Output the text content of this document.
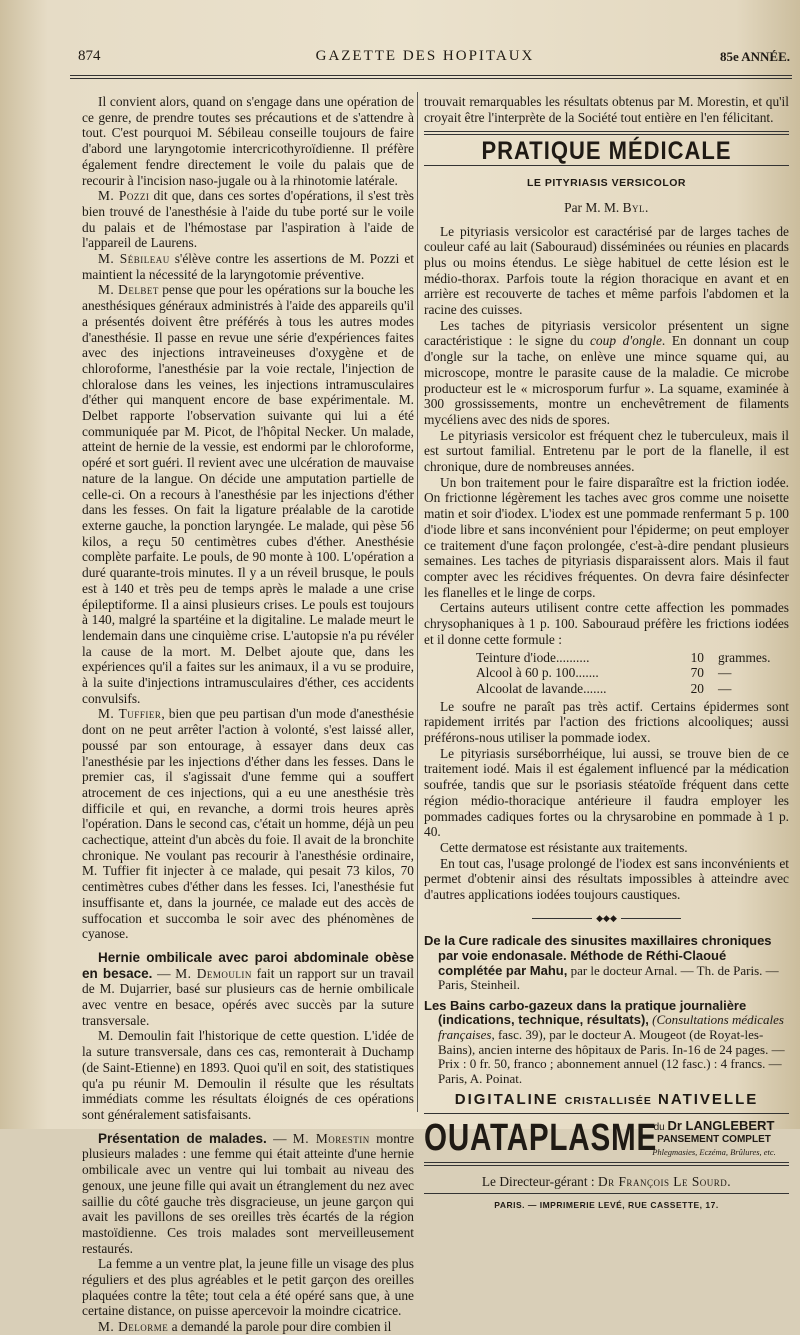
874	GAZETTE DES HOPITAUX	85e ANNÉE.

Il convient alors, quand on s'engage dans une opération de ce genre, de prendre toutes ses précautions et de s'attendre à tout. C'est pourquoi M. Sébileau conseille toujours de faire d'abord une laryngotomie intercricothyroïdienne. Il préfère également fendre directement le voile du palais que de recourir à l'incision naso-jugale ou à la rhinotomie latérale.

M. Pozzi dit que, dans ces sortes d'opérations, il s'est très bien trouvé de l'anesthésie à l'aide du tube porté sur le voile du palais et de l'hémostase par l'aspiration à l'aide de l'appareil de Laurens.

M. Sébileau s'élève contre les assertions de M. Pozzi et maintient la nécessité de la laryngotomie préventive.

M. Delbet pense que pour les opérations sur la bouche les anesthésiques généraux administrés à l'aide des appareils qu'il a présentés doivent être préférés à tous les autres modes d'anesthésie. Il passe en revue une série d'expériences faites avec des injections intraveineuses d'oxygène et de chloroforme, l'anesthésie par la voie rectale, l'injection de chloralose dans les veines, les injections intramusculaires d'éther qui manquent encore de base expérimentale. M. Delbet rapporte l'observation suivante qui lui a été communiquée par M. Picot, de l'hôpital Necker. Un malade, atteint de hernie de la vessie, est endormi par le chloroforme, opéré et sort guéri. Il revient avec une ulcération de mauvaise nature de la langue. On décide une amputation partielle de celle-ci. On a recours à l'anesthésie par les injections d'éther dans les fesses. On fait la ligature préalable de la carotide externe gauche, la ponction laryngée. Le malade, qui pèse 56 kilos, a reçu 50 centimètres cubes d'éther. Anesthésie complète parfaite. Le pouls, de 90 monte à 100. L'opération a duré quarante-trois minutes. Il y a un réveil brusque, le pouls est à 140 et très peu de temps après le malade a une crise épileptiforme. Il a ainsi plusieurs crises. Le pouls est toujours à 140, malgré la spartéine et la digitaline. Le malade meurt le lendemain dans une cinquième crise. L'autopsie n'a pu révéler la cause de la mort. M. Delbet ajoute que, dans les expériences qu'il a faites sur les animaux, il a vu se produire, à la suite d'injections intramusculaires d'éther, ces accidents convulsifs.

M. Tuffier, bien que peu partisan d'un mode d'anesthésie dont on ne peut arrêter l'action à volonté, s'est laissé aller, poussé par son entourage, à essayer dans deux cas l'anesthésie par les injections d'éther dans les fesses. Dans le premier cas, il s'agissait d'une femme qui a souffert atrocement de ces injections, qui a eu une anesthésie très difficile et qui, en revanche, a dormi trois heures après l'opération. Dans le second cas, c'était un homme, déjà un peu cachectique, atteint d'un abcès du foie. Il avait de la bronchite chronique. Ne voulant pas recourir à l'anesthésie ordinaire, M. Tuffier fit injecter à ce malade, qui pesait 73 kilos, 70 centimètres cubes d'éther dans les fesses. Ici, l'anesthésie fut insuffisante et, dans la journée, ce malade eut des accès de suffocation et succomba le soir avec des phénomènes de cyanose.

Hernie ombilicale avec paroi abdominale obèse en besace. — M. Demoulin fait un rapport sur un travail de M. Dujarrier, basé sur plusieurs cas de hernie ombilicale avec ventre en besace, opérés avec succès par la suture transversale.

M. Demoulin fait l'historique de cette question. L'idée de la suture transversale, dans ces cas, remonterait à Duchamp (de Saint-Etienne) en 1893. Quoi qu'il en soit, des statistiques qu'a pu réunir M. Demoulin il résulte que les résultats immédiats comme les résultats éloignés de ces opérations sont généralement satisfaisants.

Présentation de malades. — M. Morestin montre plusieurs malades : une femme qui était atteinte d'une hernie ombilicale avec un ventre qui lui tombait au niveau des genoux, une jeune fille qui avait un étranglement du nez avec saillie du côté gauche très disgracieuse, un jeune garçon qui avait les pavillons de ses oreilles très écartés de la région mastoïdienne. Ces trois malades sont merveilleusement restaurés.

La femme a un ventre plat, la jeune fille un visage des plus réguliers et des plus agréables et le petit garçon des oreilles plaquées contre la tête; tout cela a été opéré sans que, à une certaine distance, on puisse apercevoir la moindre cicatrice.

M. Delorme a demandé la parole pour dire combien il

trouvait remarquables les résultats obtenus par M. Morestin, et qu'il croyait être l'interprète de la Société tout entière en l'en félicitant.

PRATIQUE MÉDICALE
LE PITYRIASIS VERSICOLOR
Par M. M. Byl.

Le pityriasis versicolor est caractérisé par de larges taches de couleur café au lait (Sabouraud) disséminées ou réunies en placards plus ou moins étendus. Le siège habituel de cette lésion est le médio-thorax. Parfois toute la région thoracique en avant et en arrière est recouverte de taches et même parfois l'abdomen et la racine des cuisses.

Les taches de pityriasis versicolor présentent un signe caractéristique : le signe du coup d'ongle. En donnant un coup d'ongle sur la tache, on enlève une mince squame qui, au microscope, montre le parasite cause de la maladie. Ce microbe producteur est le « microsporum furfur ». La squame, examinée à 300 grossissements, montre un enchevêtrement de filaments mycéliens avec des nids de spores.

Le pityriasis versicolor est fréquent chez le tuberculeux, mais il est surtout familial. Entretenu par le port de la flanelle, il est chronique, dure de nombreuses années.

Un bon traitement pour le faire disparaître est la friction iodée. On frictionne légèrement les taches avec gros comme une noisette matin et soir d'iodex. L'iodex est une pommade renfermant 5 p. 100 d'iode libre et sans inconvénient pour l'épiderme; on peut employer ce traitement d'une façon prolongée, c'est-à-dire pendant plusieurs semaines. Les taches de pityriasis disparaissent alors. Mais il faut compter avec les récidives fréquentes. On devra faire désinfecter les flanelles et le linge de corps.

Certains auteurs utilisent contre cette affection les pommades chrysophaniques à 1 p. 100. Sabouraud préfère les frictions iodées et il donne cette formule :

Teinture d'iode..........	10	grammes.
Alcool à 60 p. 100.......	70	—
Alcoolat de lavande.......	20	—

Le soufre ne paraît pas très actif. Certains épidermes sont rapidement irrités par l'action des frictions alcooliques; aussi préférons-nous utiliser la pommade iodex.

Le pityriasis surséborrhéique, lui aussi, se trouve bien de ce traitement iodé. Mais il est également influencé par la médication soufrée, tandis que sur le psoriasis stéatoïde fréquent dans cette région médio-thoracique antérieure il faudra employer les pommades cadiques fortes ou la chrysarobine en pommade à 1 p. 40.

Cette dermatose est résistante aux traitements.

En tout cas, l'usage prolongé de l'iodex est sans inconvénients et permet d'obtenir ainsi des résultats impossibles à atteindre avec d'autres applications iodées toujours caustiques.

◆◆◆
De la Cure radicale des sinusites maxillaires chroniques par voie endonasale. Méthode de Réthi-Claoué complétée par Mahu, par le docteur Arnal. — Th. de Paris. — Paris, Steinheil.
Les Bains carbo-gazeux dans la pratique journalière (indications, technique, résultats), (Consultations médicales françaises, fasc. 39), par le docteur A. Mougeot (de Royat-les-Bains), ancien interne des hôpitaux de Paris. In-16 de 24 pages. — Prix : 0 fr. 50, franco ; abonnement annuel (12 fasc.) : 4 francs. — Paris, A. Poinat.
DIGITALINE CRISTALLISÉE NATIVELLE
OUATAPLASME
du Dr LANGLEBERT
PANSEMENT COMPLET
Phlegmasies, Eczéma, Brûlures, etc.
Le Directeur-gérant : Dr François Le Sourd.
PARIS. — IMPRIMERIE LEVÉ, RUE CASSETTE, 17.
